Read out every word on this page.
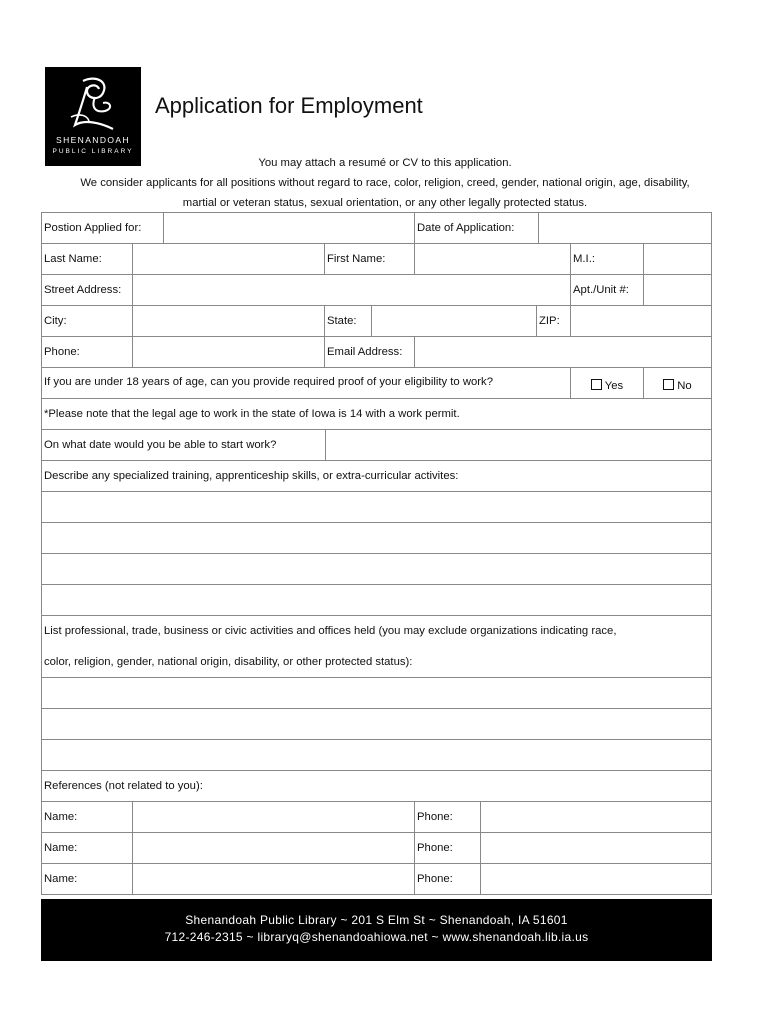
SHENANDOAH
PUBLIC LIBRARY
Application for Employment
You may attach a resumé or CV to this application.
We consider applicants for all positions without regard to race, color, religion, creed, gender, national origin, age, disability,
martial or veteran status, sexual orientation, or any other legally protected status.
Postion Applied for:	Date of Application:
Last Name:	First Name:	M.I.:
Street Address:	Apt./Unit #:
City:	State:	ZIP:
Phone:	Email Address:
If you are under 18 years of age, can you provide required proof of your eligibility to work?	Yes	No
*Please note that the legal age to work in the state of Iowa is 14 with a work permit.
On what date would you be able to start work?
Describe any specialized training, apprenticeship skills, or extra-curricular activites:
List professional, trade, business or civic activities and offices held (you may exclude organizations indicating race,
color, religion, gender, national origin, disability, or other protected status):
References (not related to you):
Name:	Phone:
Name:	Phone:
Name:	Phone:
Shenandoah Public Library ~ 201 S Elm St ~ Shenandoah, IA 51601
712-246-2315 ~ libraryq@shenandoahiowa.net ~ www.shenandoah.lib.ia.us
